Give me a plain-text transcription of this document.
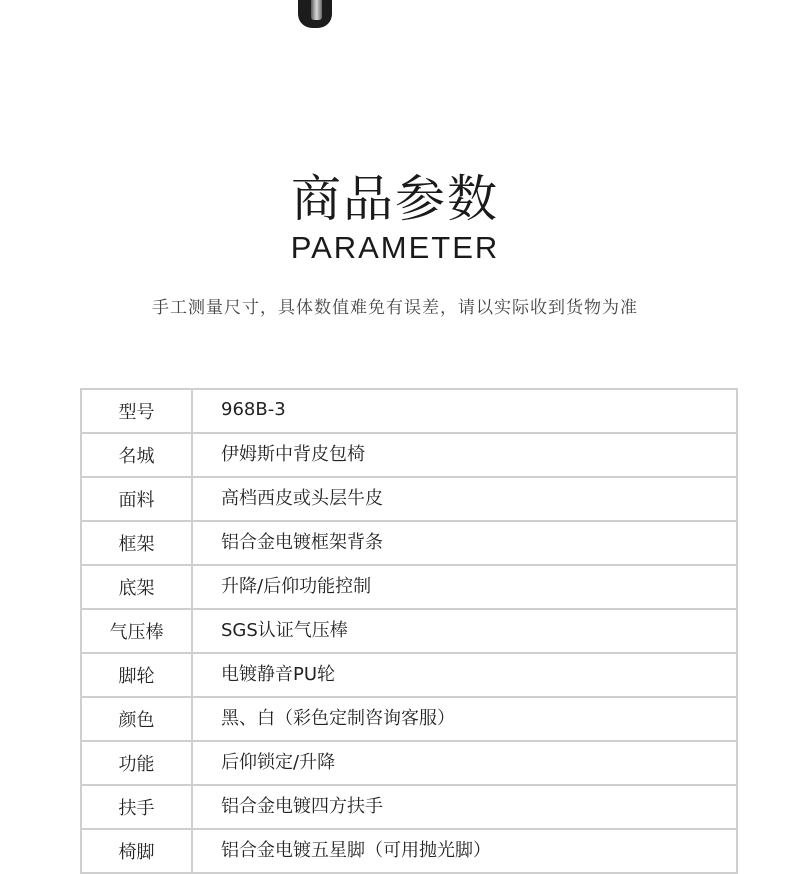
商品参数
PARAMETER
手工测量尺寸，具体数值难免有误差，请以实际收到货物为准
型号	968B-3
名城	伊姆斯中背皮包椅
面料	高档西皮或头层牛皮
框架	铝合金电镀框架背条
底架	升降/后仰功能控制
气压棒	SGS认证气压棒
脚轮	电镀静音PU轮
颜色	黑、白（彩色定制咨询客服）
功能	后仰锁定/升降
扶手	铝合金电镀四方扶手
椅脚	铝合金电镀五星脚（可用抛光脚）
